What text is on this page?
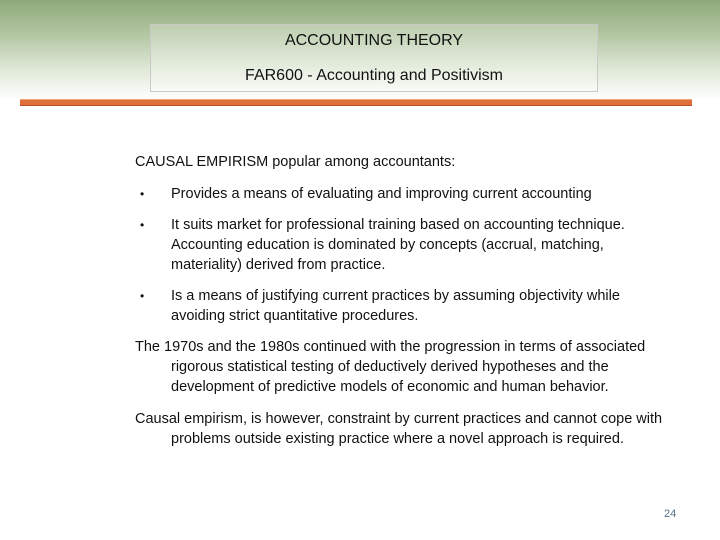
ACCOUNTING THEORY
FAR600 - Accounting and Positivism

CAUSAL EMPIRISM popular among accountants:

• Provides a means of evaluating and improving current accounting
• It suits market for professional training based on accounting technique. Accounting education is dominated by concepts (accrual, matching, materiality) derived from practice.
• Is a means of justifying current practices by assuming objectivity while avoiding strict quantitative procedures.

The 1970s and the 1980s continued with the progression in terms of associated rigorous statistical testing of deductively derived hypotheses and the development of predictive models of economic and human behavior.

Causal empirism, is however, constraint by current practices and cannot cope with problems outside existing practice where a novel approach is required.

24
